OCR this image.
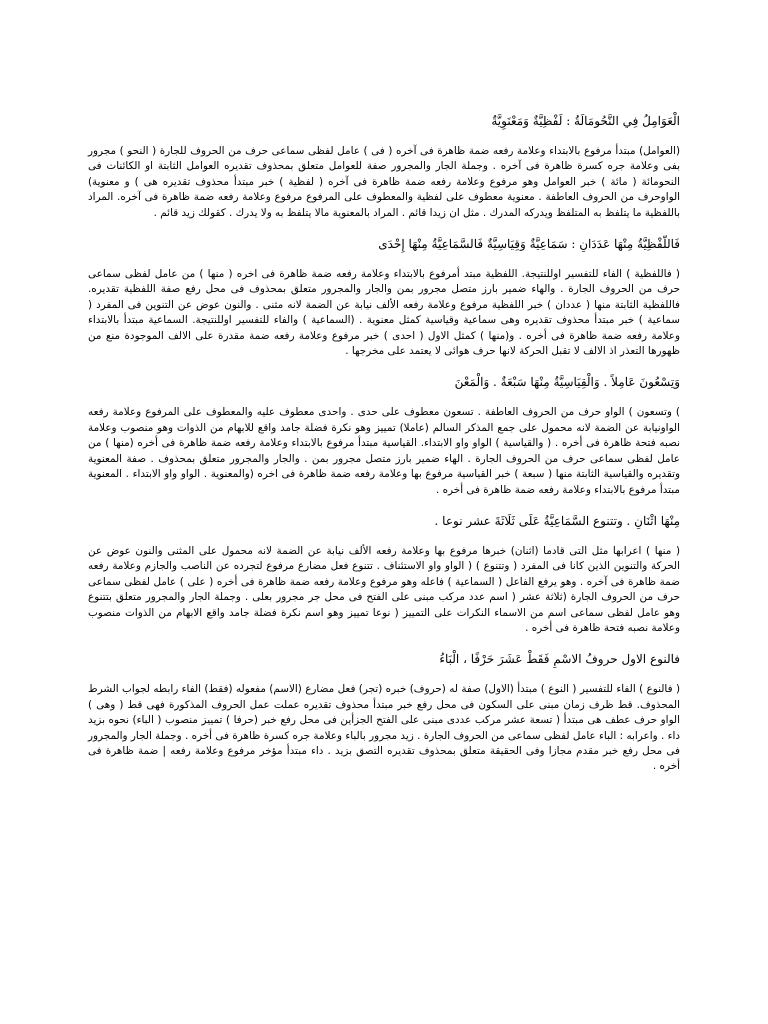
الْعَوَامِلُ فِي النَّحُومَالَةُ : لَفْظِيَّةٌ وَمَعْنَوِيَّةٌ

(العوامل) مبتدأ مرفوع بالابتداء وعلامة رفعه ضمة ظاهرة فى آخره ( فى ) عامل لفظى سماعى حرف من الحروف للجارة ( النحو ) مجرور بفى وعلامة جره كسرة ظاهرة فى آخره . وجملة الجار والمجرور صفة للعوامل متعلق بمحذوف تقديره العوامل الثابتة او الكائنات فى النحومائة ( مائة ) خبر العوامل وهو مرفوع وعلامة رفعه ضمة ظاهرة فى آخره ( لفظية ) خبر مبتدأ محذوف تقديره هى ) و معنوية) الواوحرف من الحروف العاطفة . معنوية معطوف على لفظية والمعطوف على المرفوع مرفوع وعلامة رفعه ضمة ظاهرة فى آخره. المراد باللفظية ما يتلفظ به المتلفظ ويدركه المدرك . مثل ان زيدا قائم . المراد بالمعنوية مالا يتلفظ به ولا يدرك . كقولك زيد قائم .

فَاللَّفْظِيَّةُ مِنْهَا عَدَدَانِ : سَمَاعِيَّةٌ وَقِيَاسِيَّةٌ فَالسَّمَاعِيَّةُ مِنْهَا إِحْدَى

( فاللفظية ) الفاء للتفسير اوللنتيجة. اللفظية مبتد أمرفوع بالابتداء وعلامة رفعه ضمة ظاهرة فى اخره ( منها ) من عامل لفظى سماعى حرف من الحروف الجارة . والهاء ضمير بارز متصل مجرور بمن والجار والمجرور متعلق بمحذوف فى محل رفع صفة اللفظية تقديره. فاللفظية الثابتة منها ( عددان ) خبر اللفظية مرفوع وعلامة رفعه الألف نيابة عن الضمة لانه مثنى . والنون عوض عن التنوين فى المفرد ( سماعية ) خبر مبتدأ محذوف تقديره وهى سماعية وقياسية كمثل معنوية . (السماعية ) والفاء للتفسير اوللنتيجة. السماعية مبتدأ بالابتداء وعلامة رفعه ضمة ظاهرة فى أخره . و(منها ) كمثل الاول ( احدى ) خبر مرفوع وعلامة رفعه ضمة مقدرة على الالف الموجودة منع من ظهورها التعذر اذ الالف لا تقبل الحركة لانها حرف هوائى لا يعتمد على مخرجها .

وَتِسْعُونَ عَامِلاً . وَالْقِيَاسِيَّةُ مِنْهَا سَبْعَةٌ . وَالْمَعْنَ

) وتسعون ) الواو حرف من الحروف العاطفة . تسعون معطوف على حدى . واحدى معطوف عليه والمعطوف على المرفوع وعلامة رفعه الواونيابة عن الضمة لانه محمول على جمع المذكر السالم (عاملا) تمييز وهو نكرة فضلة جامد واقع للابهام من الذوات وهو منصوب وعلامة نصبه فتحة ظاهرة فى أخره . ( والقياسية ) الواو واو الابتداء. القياسية مبتدأ مرفوع بالابتداء وعلامة رفعه ضمة ظاهرة فى أخره (منها ) من عامل لفظى سماعى حرف من الحروف الجارة . الهاء ضمير بارز متصل مجرور بمن . والجار والمجرور متعلق بمحذوف . صفة المعنوية وتقديره والقياسية الثابتة منها ( سبعة ) خبر القياسية مرفوع بها وعلامة رفعه ضمة ظاهرة فى اخره (والمعنوية . الواو واو الابتداء . المعنوية مبتدأ مرفوع بالابتداء وعلامة رفعه ضمة ظاهرة فى أخره .

مِنْهَا اثْنَانِ . وتتنوع السَّمَاعِيَّةُ عَلَى ثَلَاثَةَ عشر نوعا .

( منها ) اعرابها مثل التى قادما (اثنان) خبرها مرفوع بها وعلامة رفعه الألف نيابة عن الضمة لانه محمول على المثنى والنون عوض عن الحركة والتنوين الذين كانا فى المفرد ( وتتنوع ) ( الواو واو الاستئناف . تتنوع فعل مضارع مرفوع لتجرده عن الناصب والجازم وعلامة رفعه ضمة ظاهرة فى آخره . وهو يرفع الفاعل ( السماعية ) فاعله وهو مرفوع وعلامة رفعه ضمة ظاهرة فى أخره ( على ) عامل لفظى سماعى حرف من الحروف الجارة (ثلاثة عشر ( اسم عدد مركب مبنى على الفتح فى محل جر مجرور بعلى . وجملة الجار والمجرور متعلق بتتنوع وهو عامل لفظى سماعى اسم من الاسماء النكرات على التمييز ( نوعا تمييز وهو اسم نكرة فضلة جامد واقع الابهام من الذوات منصوب وعلامة نصبه فتحة ظاهرة فى أخره .

فالنوع الاول حروفُ الاسْمِ فَقَطْ عَشَرَ حَرْفًا ، الْبَاءُ

( فالنوع ) الفاء للتفسير ( النوع ) مبتدأ (الاول) صفة له (حروف) خبره (تجر) فعل مضارع (الاسم) مفعوله (فقط) الفاء رابطه لجواب الشرط المحذوف. قط ظرف زمان مبنى على السكون فى محل رفع خبر مبتدأ محذوف تقديره عملت عمل الحروف المذكورة فهى قط ( وهى ) الواو حرف عطف هى مبتدأ ( تسعة عشر مركب عددى مبنى على الفتح الجزأين فى محل رفع خبر (حرفا ) تمييز منصوب ( الباء) نحوه بزيد داء . واعرابه : الباء عامل لفظى سماعى من الحروف الجارة . زيد مجرور بالباء وعلامة جره كسرة ظاهرة فى أخره . وجملة الجار والمجرور فى محل رفع خبر مقدم مجازا وفى الحقيقة متعلق بمحذوف تقديره التصق بزيد . داء مبتدأ مؤخر مرفوع وعلامة رفعه | ضمة ظاهرة فى أخره .
